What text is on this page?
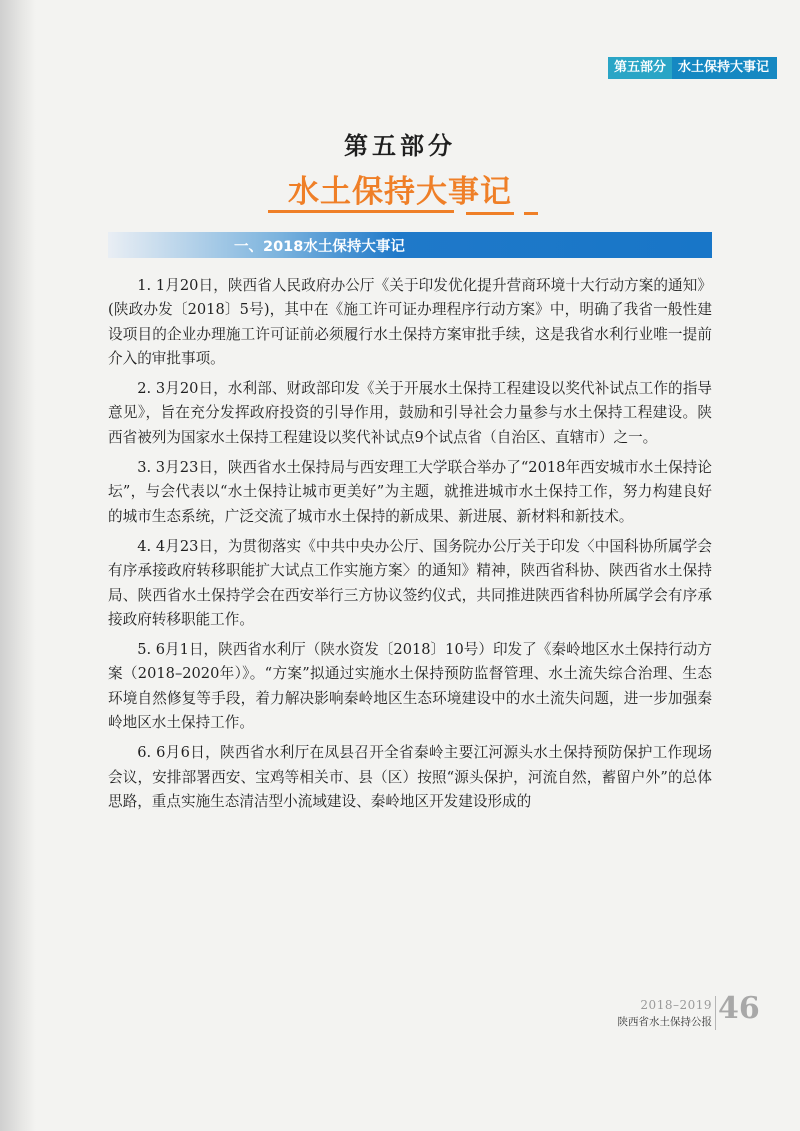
第五部分 水土保持大事记
第五部分
水土保持大事记
一、2018水土保持大事记

1. 1月20日，陕西省人民政府办公厅《关于印发优化提升营商环境十大行动方案的通知》(陕政办发〔2018〕5号)，其中在《施工许可证办理程序行动方案》中，明确了我省一般性建设项目的企业办理施工许可证前必须履行水土保持方案审批手续，这是我省水利行业唯一提前介入的审批事项。

2. 3月20日，水利部、财政部印发《关于开展水土保持工程建设以奖代补试点工作的指导意见》，旨在充分发挥政府投资的引导作用，鼓励和引导社会力量参与水土保持工程建设。陕西省被列为国家水土保持工程建设以奖代补试点9个试点省（自治区、直辖市）之一。

3. 3月23日，陕西省水土保持局与西安理工大学联合举办了“2018年西安城市水土保持论坛”，与会代表以“水土保持让城市更美好”为主题，就推进城市水土保持工作，努力构建良好的城市生态系统，广泛交流了城市水土保持的新成果、新进展、新材料和新技术。

4. 4月23日，为贯彻落实《中共中央办公厅、国务院办公厅关于印发〈中国科协所属学会有序承接政府转移职能扩大试点工作实施方案〉的通知》精神，陕西省科协、陕西省水土保持局、陕西省水土保持学会在西安举行三方协议签约仪式，共同推进陕西省科协所属学会有序承接政府转移职能工作。

5. 6月1日，陕西省水利厅（陕水资发〔2018〕10号）印发了《秦岭地区水土保持行动方案（2018–2020年）》。“方案”拟通过实施水土保持预防监督管理、水土流失综合治理、生态环境自然修复等手段，着力解决影响秦岭地区生态环境建设中的水土流失问题，进一步加强秦岭地区水土保持工作。

6. 6月6日，陕西省水利厅在凤县召开全省秦岭主要江河源头水土保持预防保护工作现场会议，安排部署西安、宝鸡等相关市、县（区）按照“源头保护，河流自然，蓄留户外”的总体思路，重点实施生态清洁型小流域建设、秦岭地区开发建设形成的

2018–2019
陕西省水土保持公报 46
